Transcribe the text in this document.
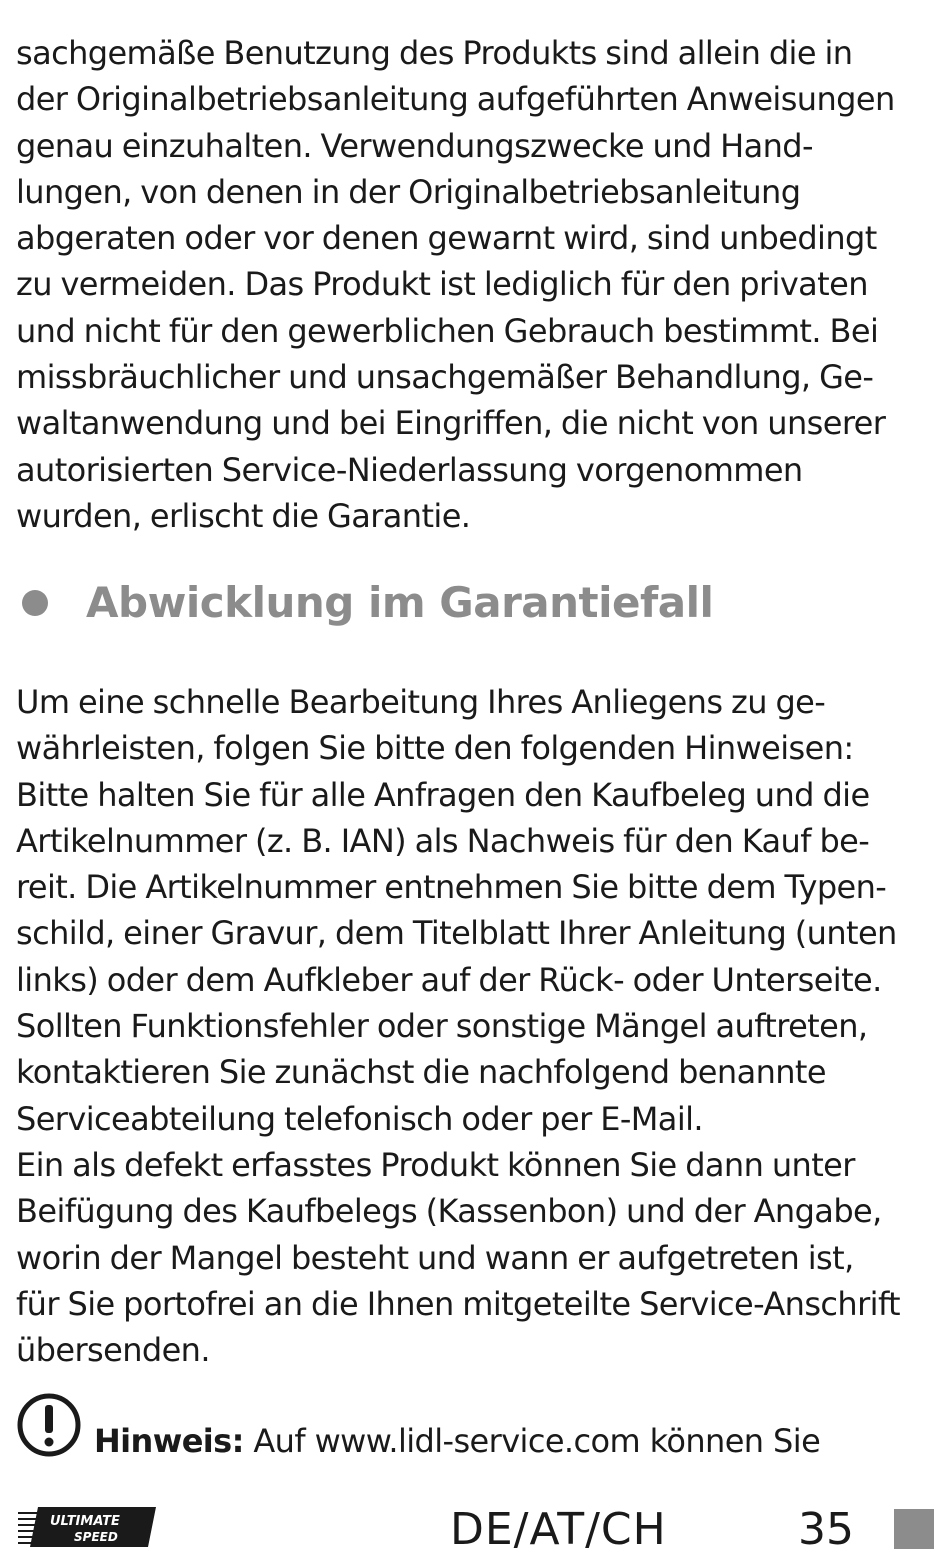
sachgemäße Benutzung des Produkts sind allein die in
der Originalbetriebsanleitung aufgeführten Anweisungen
genau einzuhalten. Verwendungszwecke und Hand-
lungen, von denen in der Originalbetriebsanleitung
abgeraten oder vor denen gewarnt wird, sind unbedingt
zu vermeiden. Das Produkt ist lediglich für den privaten
und nicht für den gewerblichen Gebrauch bestimmt. Bei
missbräuchlicher und unsachgemäßer Behandlung, Ge-
waltanwendung und bei Eingriffen, die nicht von unserer
autorisierten Service-Niederlassung vorgenommen
wurden, erlischt die Garantie.

Abwicklung im Garantiefall

Um eine schnelle Bearbeitung Ihres Anliegens zu ge-
währleisten, folgen Sie bitte den folgenden Hinweisen:
Bitte halten Sie für alle Anfragen den Kaufbeleg und die
Artikelnummer (z. B. IAN) als Nachweis für den Kauf be-
reit. Die Artikelnummer entnehmen Sie bitte dem Typen-
schild, einer Gravur, dem Titelblatt Ihrer Anleitung (unten
links) oder dem Aufkleber auf der Rück- oder Unterseite.
Sollten Funktionsfehler oder sonstige Mängel auftreten,
kontaktieren Sie zunächst die nachfolgend benannte
Serviceabteilung telefonisch oder per E-Mail.
Ein als defekt erfasstes Produkt können Sie dann unter
Beifügung des Kaufbelegs (Kassenbon) und der Angabe,
worin der Mangel besteht und wann er aufgetreten ist,
für Sie portofrei an die Ihnen mitgeteilte Service-Anschrift
übersenden.

Hinweis: Auf www.lidl-service.com können Sie
ULTIMATE
SPEED	DE/AT/CH	35
